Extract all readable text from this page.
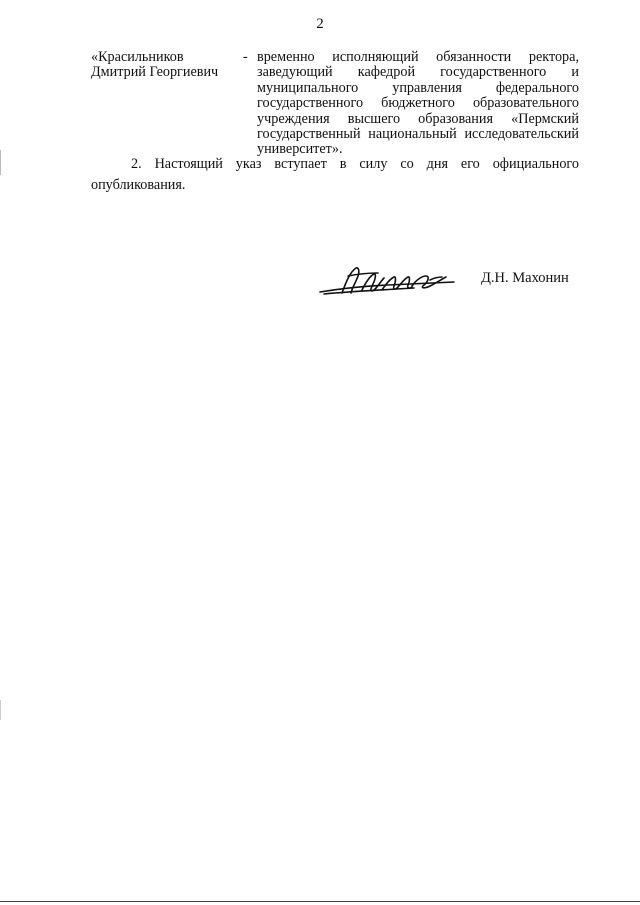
2
«Красильников
Дмитрий Георгиевич
- временно исполняющий обязанности ректора, заведующий кафедрой государственного и муниципального управления федерального государственного бюджетного образовательного учреждения высшего образования «Пермский государственный национальный исследовательский университет».
2. Настоящий указ вступает в силу со дня его официального опубликования.
Д.Н. Махонин
